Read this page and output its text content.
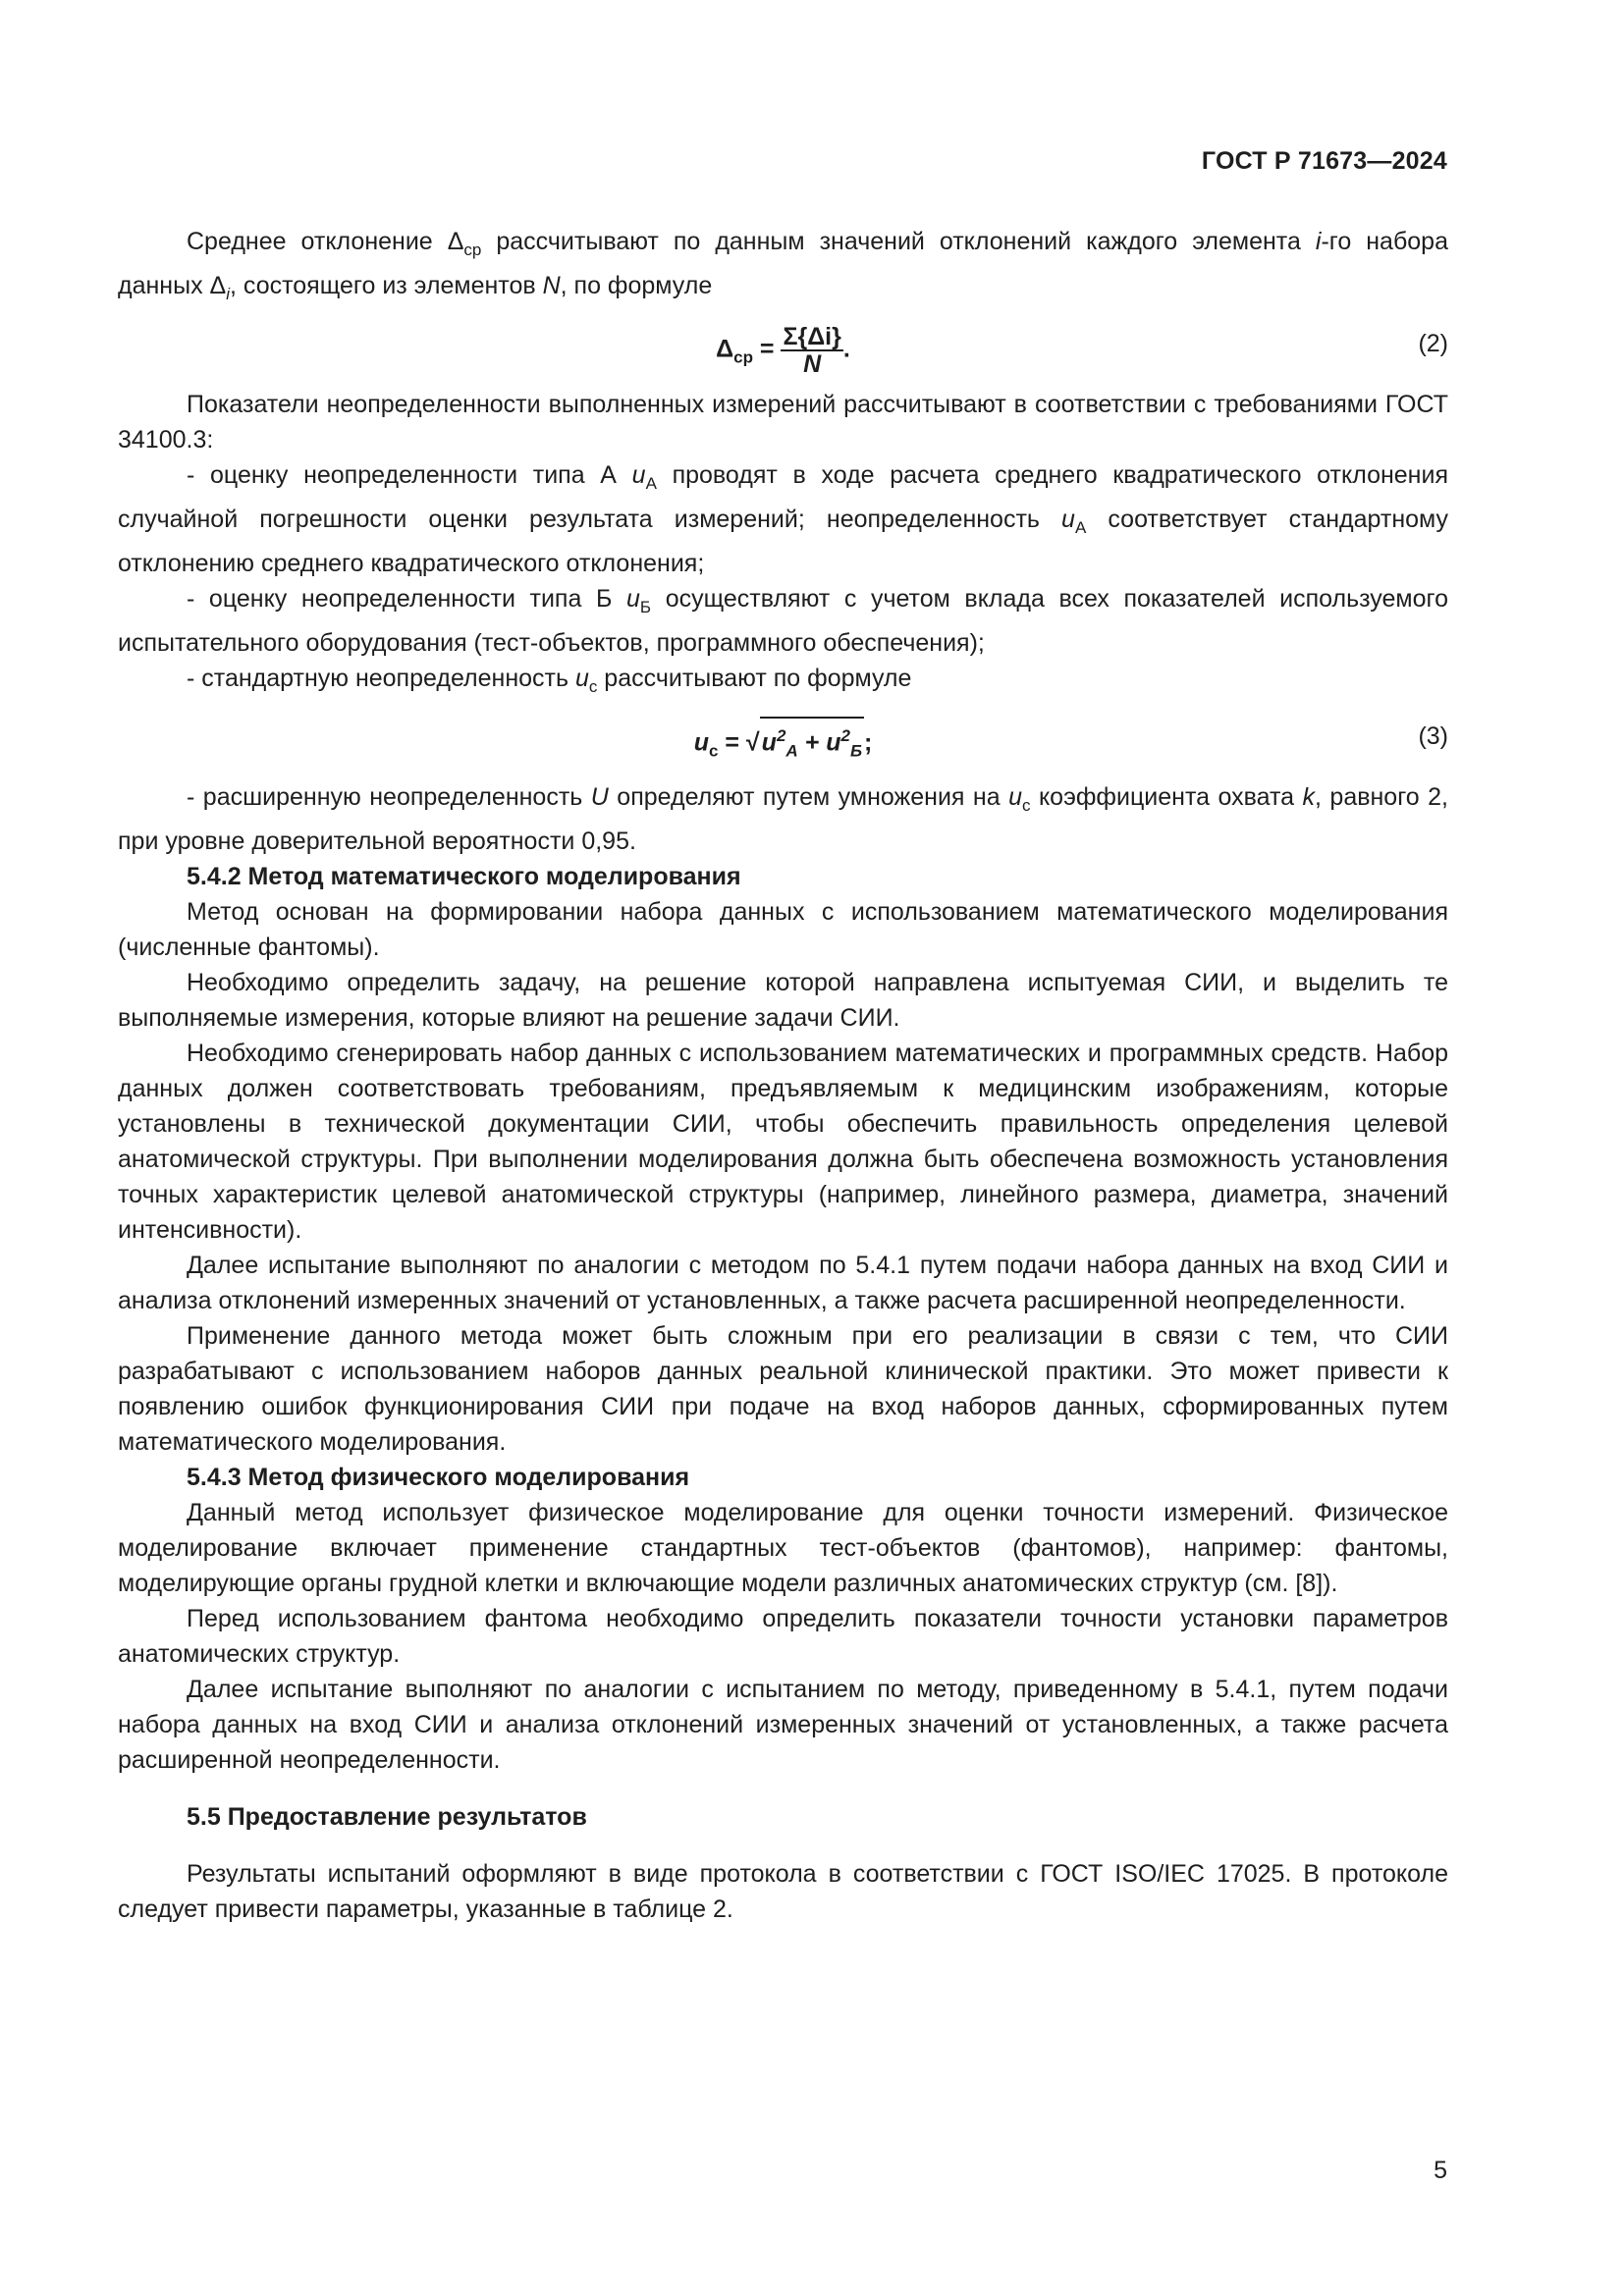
ГОСТ Р 71673—2024

Среднее отклонение $\Delta_{ср}$ рассчитывают по данным значений отклонений каждого элемента i-го набора данных $\Delta_i$, состоящего из элементов N, по формуле

$\Delta_{ср} = \frac{\Sigma\{\Delta i\}}{N}$ .	(2)

Показатели неопределенности выполненных измерений рассчитывают в соответствии с требованиями ГОСТ 34100.3:

- оценку неопределенности типа А $u_А$ проводят в ходе расчета среднего квадратического отклонения случайной погрешности оценки результата измерений; неопределенность $u_А$ соответствует стандартному отклонению среднего квадратического отклонения;

- оценку неопределенности типа Б $u_Б$ осуществляют с учетом вклада всех показателей используемого испытательного оборудования (тест-объектов, программного обеспечения);

- стандартную неопределенность $u_с$ рассчитывают по формуле

$u_с = √u^2_А + u^2_Б$;	(3)

- расширенную неопределенность U определяют путем умножения на $u_с$ коэффициента охвата k, равного 2, при уровне доверительной вероятности 0,95.

5.4.2 Метод математического моделирования

Метод основан на формировании набора данных с использованием математического моделирования (численные фантомы).

Необходимо определить задачу, на решение которой направлена испытуемая СИИ, и выделить те выполняемые измерения, которые влияют на решение задачи СИИ.

Необходимо сгенерировать набор данных с использованием математических и программных средств. Набор данных должен соответствовать требованиям, предъявляемым к медицинским изображениям, которые установлены в технической документации СИИ, чтобы обеспечить правильность определения целевой анатомической структуры. При выполнении моделирования должна быть обеспечена возможность установления точных характеристик целевой анатомической структуры (например, линейного размера, диаметра, значений интенсивности).

Далее испытание выполняют по аналогии с методом по 5.4.1 путем подачи набора данных на вход СИИ и анализа отклонений измеренных значений от установленных, а также расчета расширенной неопределенности.

Применение данного метода может быть сложным при его реализации в связи с тем, что СИИ разрабатывают с использованием наборов данных реальной клинической практики. Это может привести к появлению ошибок функционирования СИИ при подаче на вход наборов данных, сформированных путем математического моделирования.

5.4.3 Метод физического моделирования

Данный метод использует физическое моделирование для оценки точности измерений. Физическое моделирование включает применение стандартных тест-объектов (фантомов), например: фантомы, моделирующие органы грудной клетки и включающие модели различных анатомических структур (см. [8]).

Перед использованием фантома необходимо определить показатели точности установки параметров анатомических структур.

Далее испытание выполняют по аналогии с испытанием по методу, приведенному в 5.4.1, путем подачи набора данных на вход СИИ и анализа отклонений измеренных значений от установленных, а также расчета расширенной неопределенности.

5.5 Предоставление результатов

Результаты испытаний оформляют в виде протокола в соответствии с ГОСТ ISO/IEC 17025. В протоколе следует привести параметры, указанные в таблице 2.

5
